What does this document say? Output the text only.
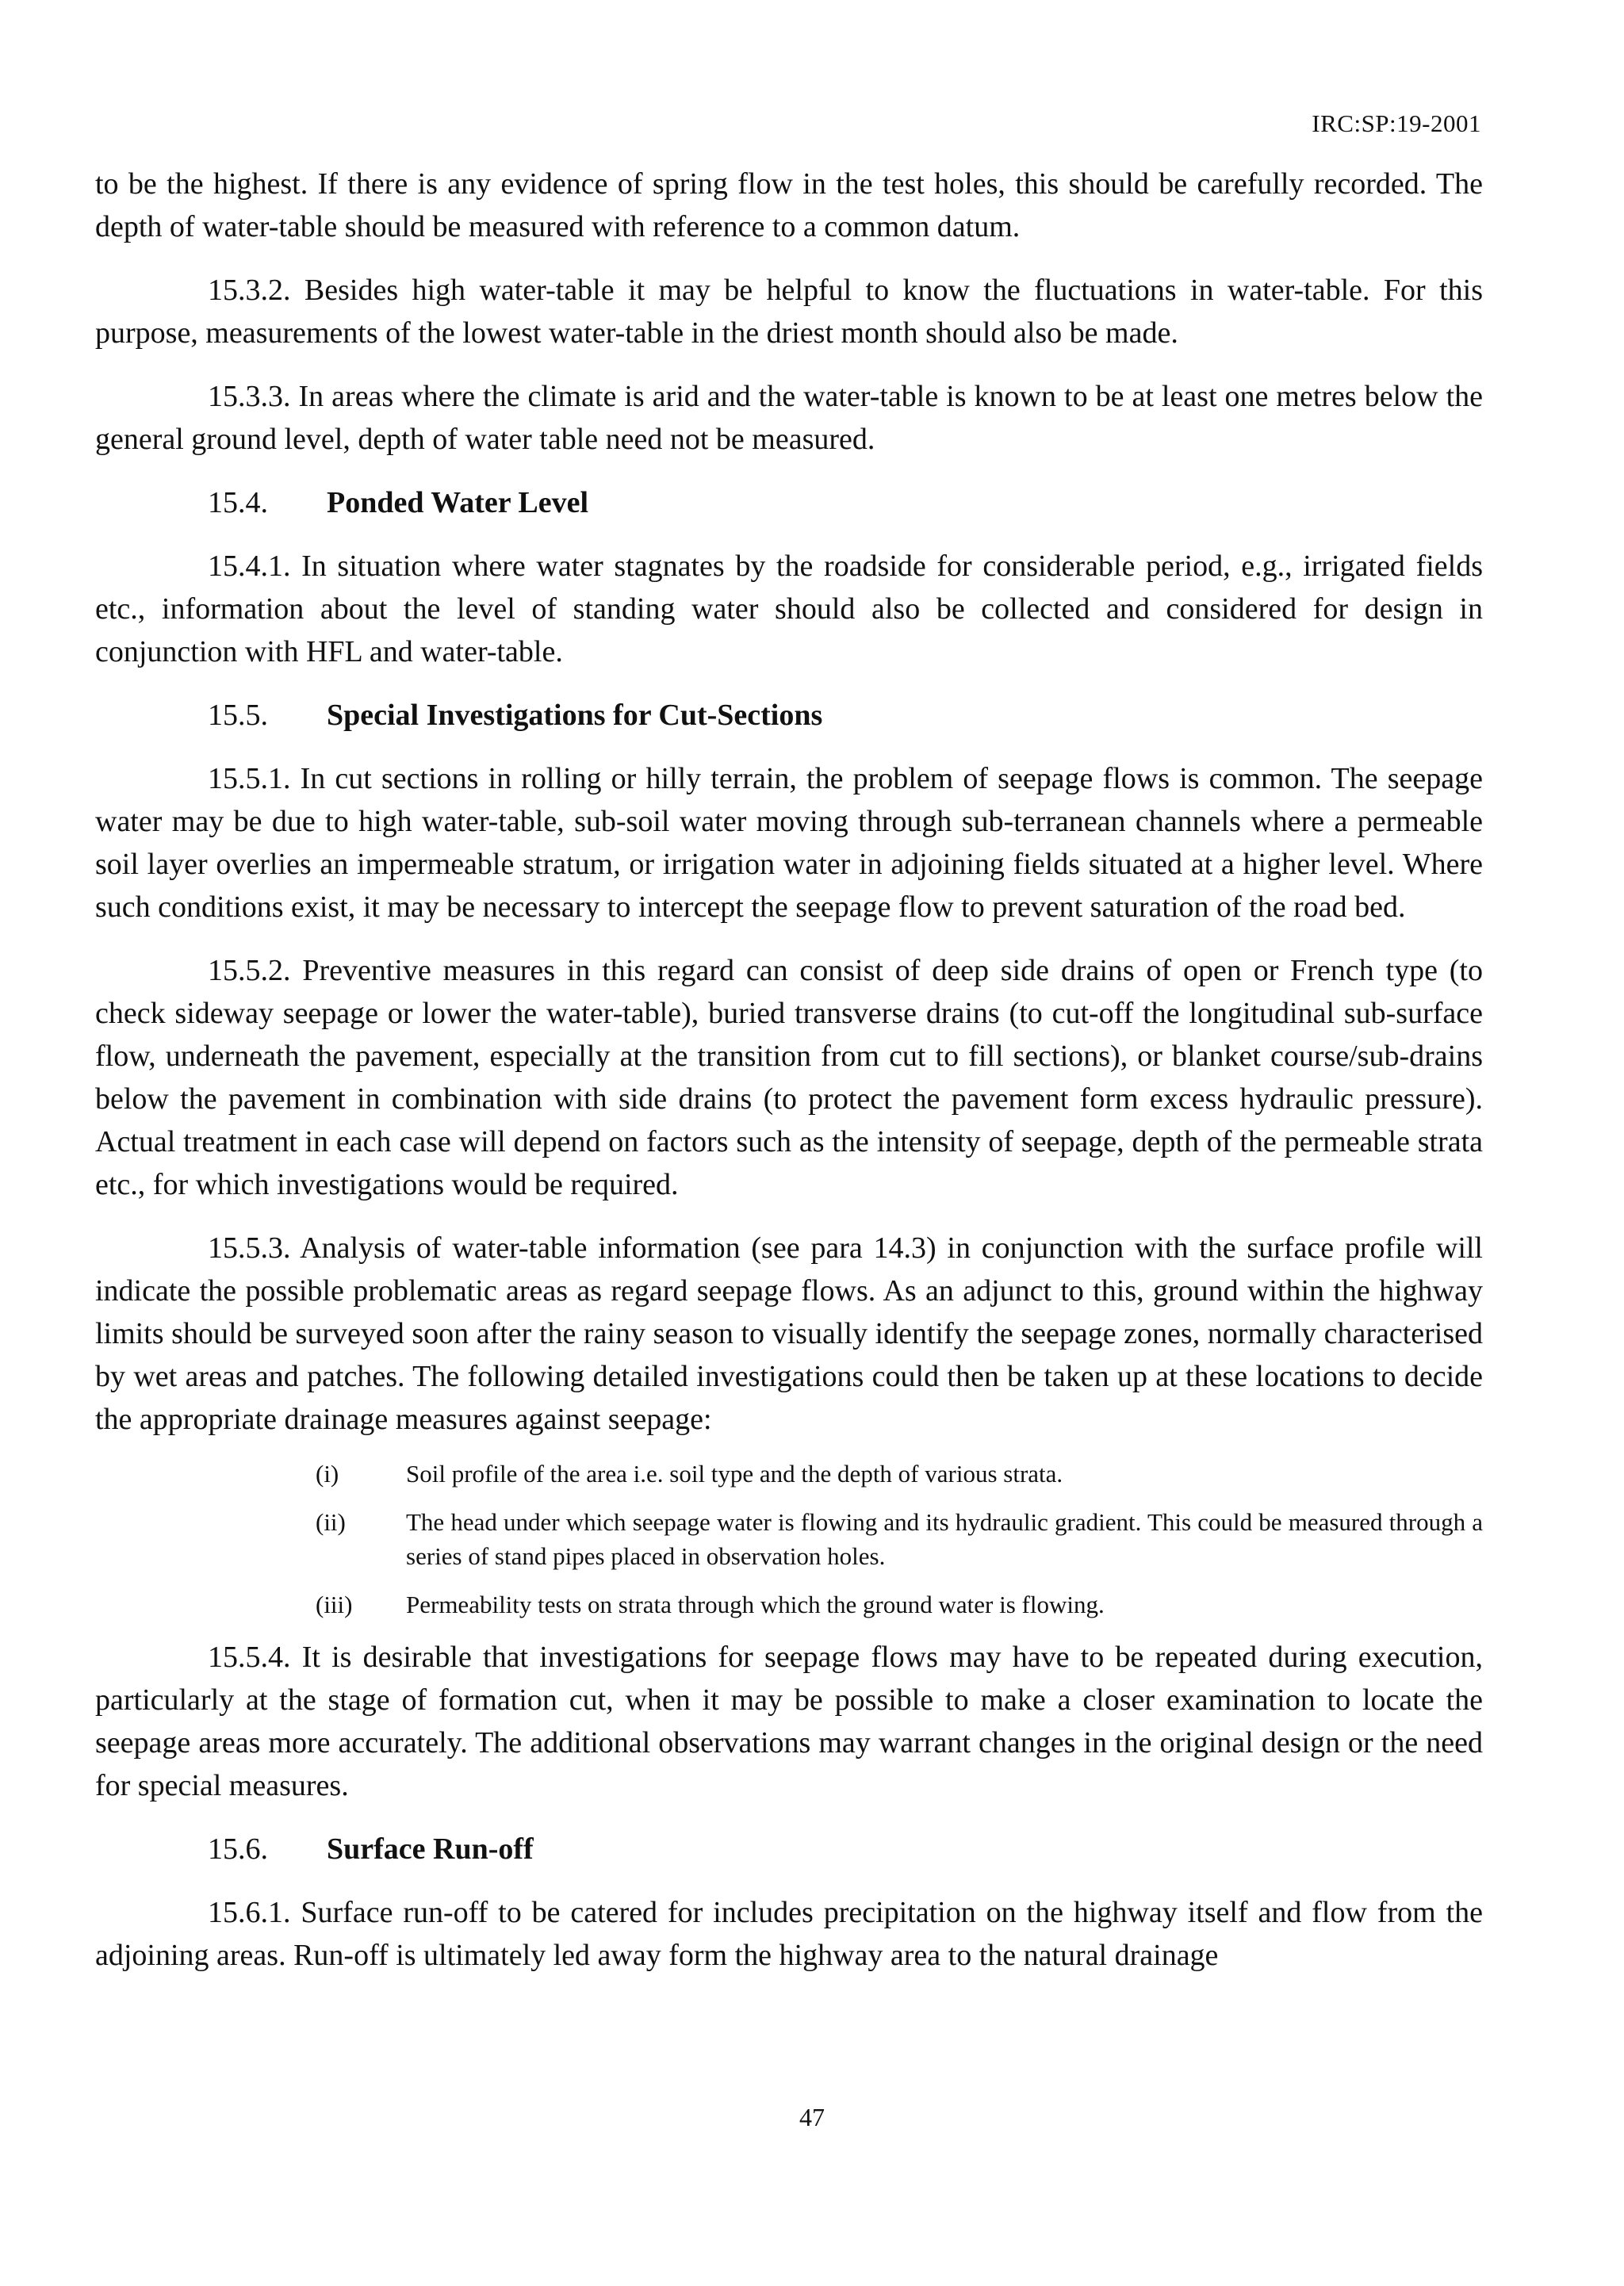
IRC:SP:19-2001

to be the highest. If there is any evidence of spring flow in the test holes, this should be carefully recorded. The depth of water-table should be measured with reference to a common datum.

15.3.2. Besides high water-table it may be helpful to know the fluctuations in water-table. For this purpose, measurements of the lowest water-table in the driest month should also be made.

15.3.3. In areas where the climate is arid and the water-table is known to be at least one metres below the general ground level, depth of water table need not be measured.

15.4.	Ponded Water Level

15.4.1. In situation where water stagnates by the roadside for considerable period, e.g., irrigated fields etc., information about the level of standing water should also be collected and considered for design in conjunction with HFL and water-table.

15.5.	Special Investigations for Cut-Sections

15.5.1. In cut sections in rolling or hilly terrain, the problem of seepage flows is common. The seepage water may be due to high water-table, sub-soil water moving through sub-terranean channels where a permeable soil layer overlies an impermeable stratum, or irrigation water in adjoining fields situated at a higher level. Where such conditions exist, it may be necessary to intercept the seepage flow to prevent saturation of the road bed.

15.5.2. Preventive measures in this regard can consist of deep side drains of open or French type (to check sideway seepage or lower the water-table), buried transverse drains (to cut-off the longitudinal sub-surface flow, underneath the pavement, especially at the transition from cut to fill sections), or blanket course/sub-drains below the pavement in combination with side drains (to protect the pavement form excess hydraulic pressure). Actual treatment in each case will depend on factors such as the intensity of seepage, depth of the permeable strata etc., for which investigations would be required.

15.5.3. Analysis of water-table information (see para 14.3) in conjunction with the surface profile will indicate the possible problematic areas as regard seepage flows. As an adjunct to this, ground within the highway limits should be surveyed soon after the rainy season to visually identify the seepage zones, normally characterised by wet areas and patches. The following detailed investigations could then be taken up at these locations to decide the appropriate drainage measures against seepage:

(i)	Soil profile of the area i.e. soil type and the depth of various strata.
(ii)	The head under which seepage water is flowing and its hydraulic gradient. This could be measured through a series of stand pipes placed in observation holes.
(iii)	Permeability tests on strata through which the ground water is flowing.

15.5.4. It is desirable that investigations for seepage flows may have to be repeated during execution, particularly at the stage of formation cut, when it may be possible to make a closer examination to locate the seepage areas more accurately. The additional observations may warrant changes in the original design or the need for special measures.

15.6.	Surface Run-off

15.6.1. Surface run-off to be catered for includes precipitation on the highway itself and flow from the adjoining areas. Run-off is ultimately led away form the highway area to the natural drainage

47
